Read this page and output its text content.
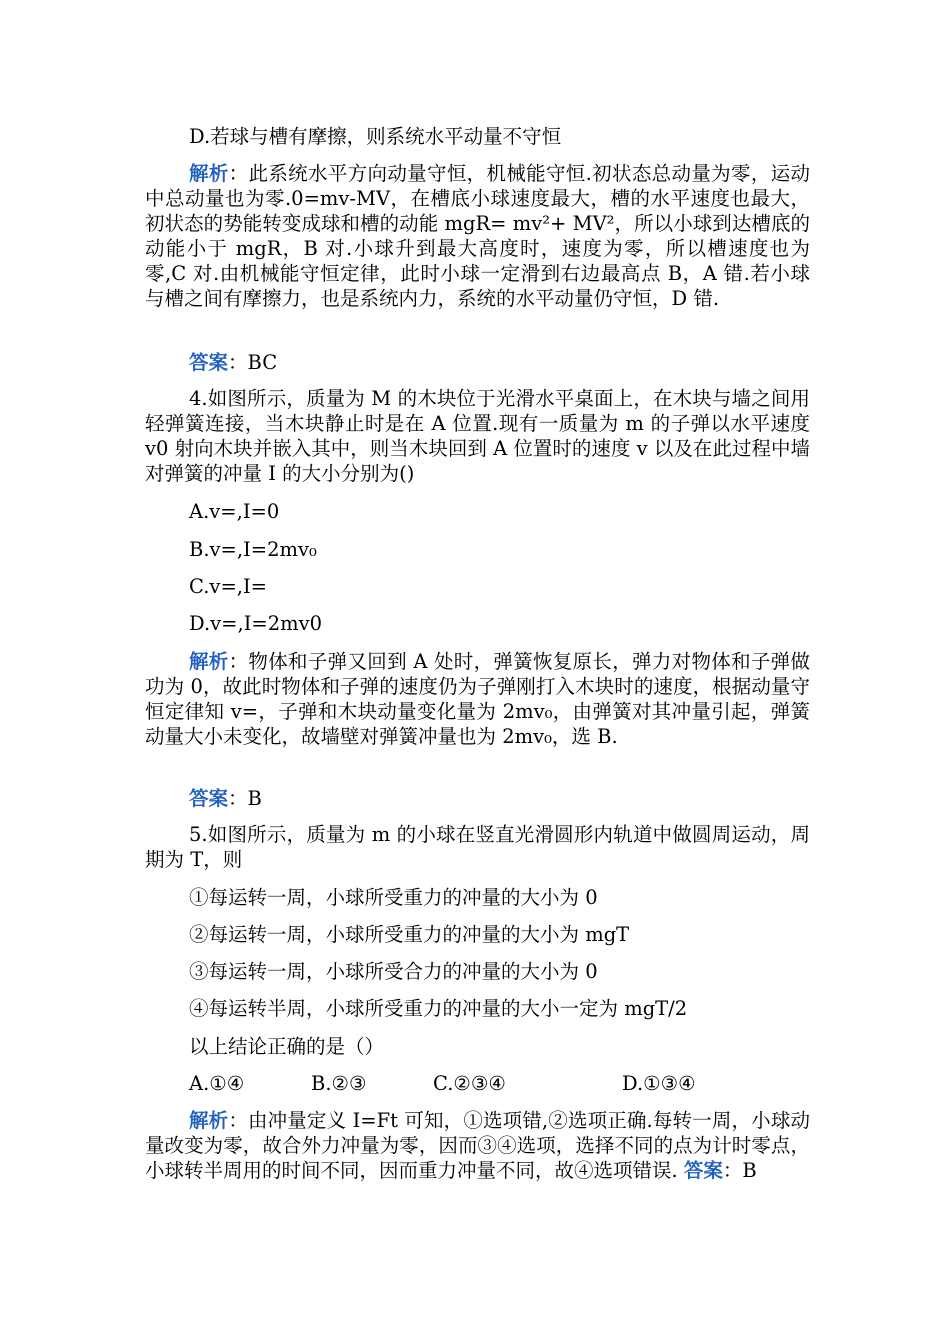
D.若球与槽有摩擦，则系统水平动量不守恒

解析：此系统水平方向动量守恒，机械能守恒.初状态总动量为零，运动中总动量也为零.0=mv-MV，在槽底小球速度最大，槽的水平速度也最大，初状态的势能转变成球和槽的动能 mgR= mv²+ MV²，所以小球到达槽底的动能小于 mgR，B 对.小球升到最大高度时，速度为零，所以槽速度也为零,C 对.由机械能守恒定律，此时小球一定滑到右边最高点 B，A 错.若小球与槽之间有摩擦力，也是系统内力，系统的水平动量仍守恒，D 错.

答案：BC

4.如图所示，质量为 M 的木块位于光滑水平桌面上，在木块与墙之间用轻弹簧连接，当木块静止时是在 A 位置.现有一质量为 m 的子弹以水平速度 v0 射向木块并嵌入其中，则当木块回到 A 位置时的速度 v 以及在此过程中墙对弹簧的冲量 I 的大小分别为()

A.v=,I=0
B.v=,I=2mv₀
C.v=,I=
D.v=,I=2mv0

解析：物体和子弹又回到 A 处时，弹簧恢复原长，弹力对物体和子弹做功为 0，故此时物体和子弹的速度仍为子弹刚打入木块时的速度，根据动量守恒定律知 v=，子弹和木块动量变化量为 2mv₀，由弹簧对其冲量引起，弹簧动量大小未变化，故墙壁对弹簧冲量也为 2mv₀，选 B.

答案：B

5.如图所示，质量为 m 的小球在竖直光滑圆形内轨道中做圆周运动，周期为 T，则

①每运转一周，小球所受重力的冲量的大小为 0
②每运转一周，小球所受重力的冲量的大小为 mgT
③每运转一周，小球所受合力的冲量的大小为 0
④每运转半周，小球所受重力的冲量的大小一定为 mgT/2
以上结论正确的是（）
A.①④	B.②③	C.②③④	D.①③④

解析：由冲量定义 I=Ft 可知，①选项错,②选项正确.每转一周，小球动量改变为零，故合外力冲量为零，因而③④选项，选择不同的点为计时零点，小球转半周用的时间不同，因而重力冲量不同，故④选项错误. 答案：B
